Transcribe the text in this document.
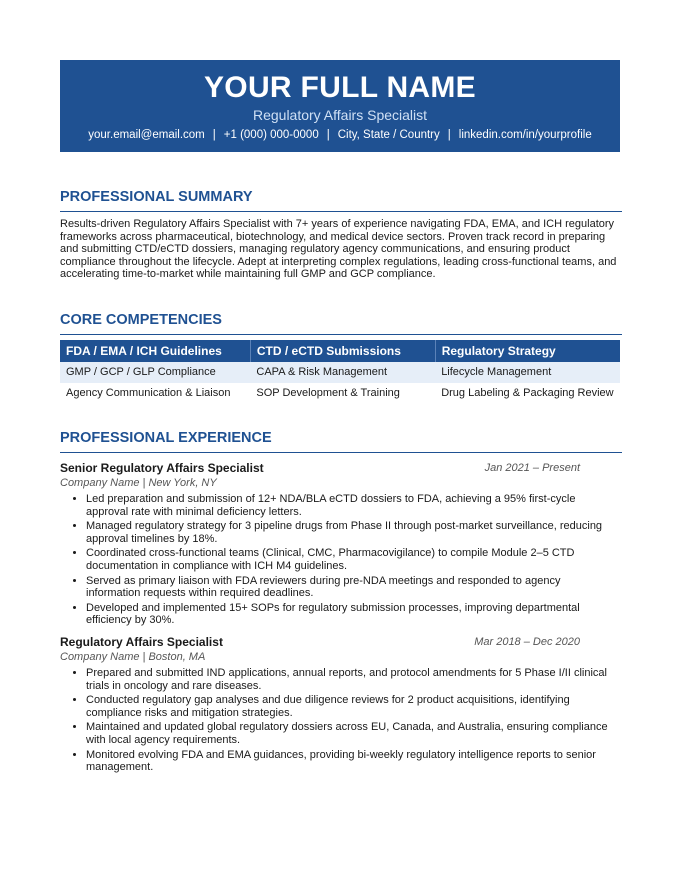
YOUR FULL NAME
Regulatory Affairs Specialist
your.email@email.com | +1 (000) 000-0000 | City, State / Country | linkedin.com/in/yourprofile
PROFESSIONAL SUMMARY

Results-driven Regulatory Affairs Specialist with 7+ years of experience navigating FDA, EMA, and ICH regulatory frameworks across pharmaceutical, biotechnology, and medical device sectors. Proven track record in preparing and submitting CTD/eCTD dossiers, managing regulatory agency communications, and ensuring product compliance throughout the lifecycle. Adept at interpreting complex regulations, leading cross-functional teams, and accelerating time-to-market while maintaining full GMP and GCP compliance.

CORE COMPETENCIES
FDA / EMA / ICH Guidelines	CTD / eCTD Submissions	Regulatory Strategy
GMP / GCP / GLP Compliance	CAPA & Risk Management	Lifecycle Management
Agency Communication & Liaison	SOP Development & Training	Drug Labeling & Packaging Review
PROFESSIONAL EXPERIENCE
Senior Regulatory Affairs Specialist	Jan 2021 – Present
Company Name | New York, NY
• Led preparation and submission of 12+ NDA/BLA eCTD dossiers to FDA, achieving a 95% first-cycle approval rate with minimal deficiency letters.
• Managed regulatory strategy for 3 pipeline drugs from Phase II through post-market surveillance, reducing approval timelines by 18%.
• Coordinated cross-functional teams (Clinical, CMC, Pharmacovigilance) to compile Module 2–5 CTD documentation in compliance with ICH M4 guidelines.
• Served as primary liaison with FDA reviewers during pre-NDA meetings and responded to agency information requests within required deadlines.
• Developed and implemented 15+ SOPs for regulatory submission processes, improving departmental efficiency by 30%.
Regulatory Affairs Specialist	Mar 2018 – Dec 2020
Company Name | Boston, MA
• Prepared and submitted IND applications, annual reports, and protocol amendments for 5 Phase I/II clinical trials in oncology and rare diseases.
• Conducted regulatory gap analyses and due diligence reviews for 2 product acquisitions, identifying compliance risks and mitigation strategies.
• Maintained and updated global regulatory dossiers across EU, Canada, and Australia, ensuring compliance with local agency requirements.
• Monitored evolving FDA and EMA guidances, providing bi-weekly regulatory intelligence reports to senior management.
